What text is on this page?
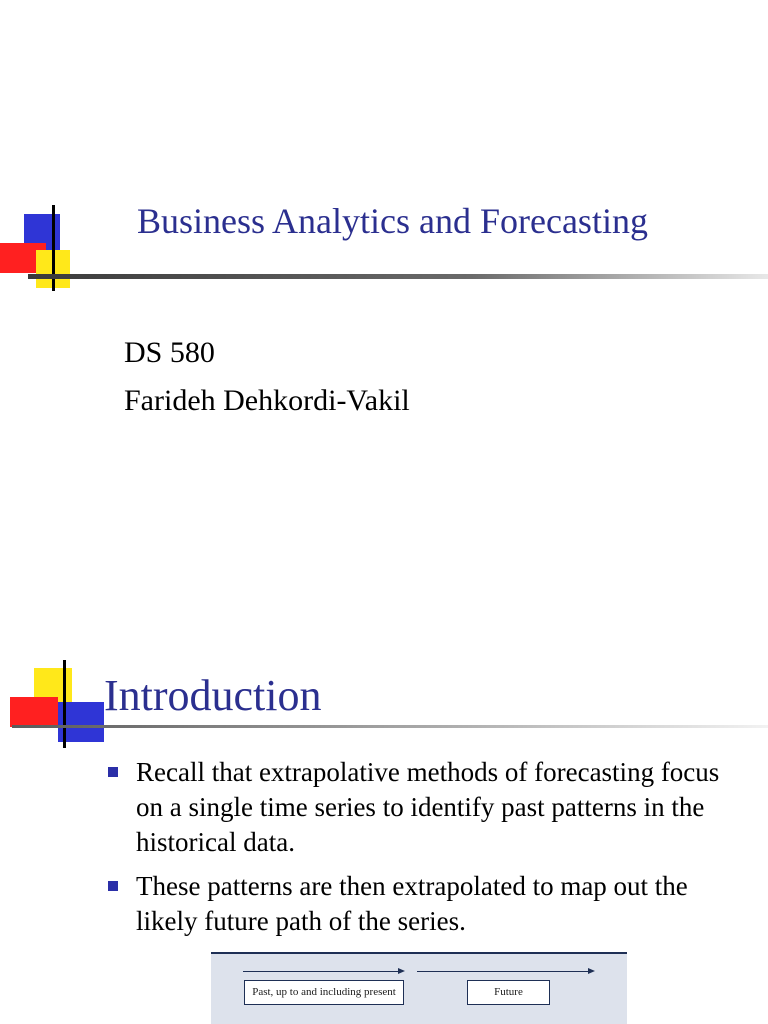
Business Analytics and Forecasting
DS 580
Farideh Dehkordi-Vakil
Introduction
Recall that extrapolative methods of forecasting focus on a single time series to identify past patterns in the historical data.
These patterns are then extrapolated to map out the likely future path of the series.
Past, up to and including present	Future
